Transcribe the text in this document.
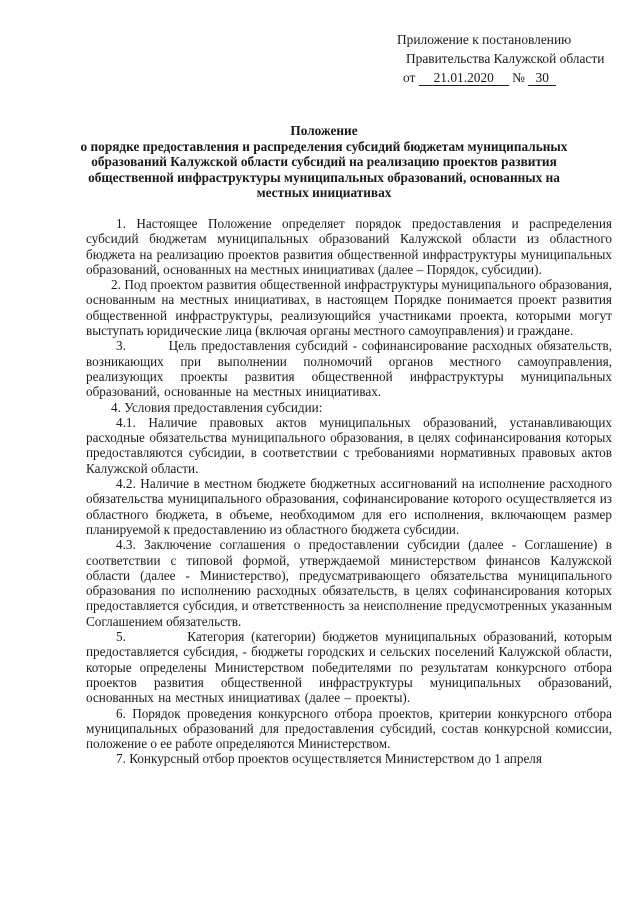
Приложение к постановлению
Правительства Калужской области
от 21.01.2020 № 30
Положение
о порядке предоставления и распределения субсидий бюджетам муниципальных образований Калужской области субсидий на реализацию проектов развития общественной инфраструктуры муниципальных образований, основанных на местных инициативах

1. Настоящее Положение определяет порядок предоставления и распределения субсидий бюджетам муниципальных образований Калужской области из областного бюджета на реализацию проектов развития общественной инфраструктуры муниципальных образований, основанных на местных инициативах (далее – Порядок, субсидии).

2. Под проектом развития общественной инфраструктуры муниципального образования, основанным на местных инициативах, в настоящем Порядке понимается проект развития общественной инфраструктуры, реализующийся участниками проекта, которыми могут выступать юридические лица (включая органы местного самоуправления) и граждане.

3.         Цель предоставления субсидий - софинансирование расходных обязательств, возникающих при выполнении полномочий органов местного самоуправления, реализующих проекты развития общественной инфраструктуры муниципальных образований, основанные на местных инициативах.

4. Условия предоставления субсидии:

4.1. Наличие правовых актов муниципальных образований, устанавливающих расходные обязательства муниципального образования, в целях софинансирования которых предоставляются субсидии, в соответствии с требованиями нормативных правовых актов Калужской области.

4.2. Наличие в местном бюджете бюджетных ассигнований на исполнение расходного обязательства муниципального образования, софинансирование которого осуществляется из областного бюджета, в объеме, необходимом для его исполнения, включающем размер планируемой к предоставлению из областного бюджета субсидии.

4.3. Заключение соглашения о предоставлении субсидии (далее - Соглашение) в соответствии с типовой формой, утверждаемой министерством финансов Калужской области (далее - Министерство), предусматривающего обязательства муниципального образования по исполнению расходных обязательств, в целях софинансирования которых предоставляется субсидия, и ответственность за неисполнение предусмотренных указанным Соглашением обязательств.

5.         Категория (категории) бюджетов муниципальных образований, которым предоставляется субсидия, - бюджеты городских и сельских поселений Калужской области, которые определены Министерством победителями по результатам конкурсного отбора проектов развития общественной инфраструктуры муниципальных образований, основанных на местных инициативах (далее – проекты).

6. Порядок проведения конкурсного отбора проектов, критерии конкурсного отбора муниципальных образований для предоставления субсидий, состав конкурсной комиссии, положение о ее работе определяются Министерством.

7. Конкурсный отбор проектов осуществляется Министерством до 1 апреля
